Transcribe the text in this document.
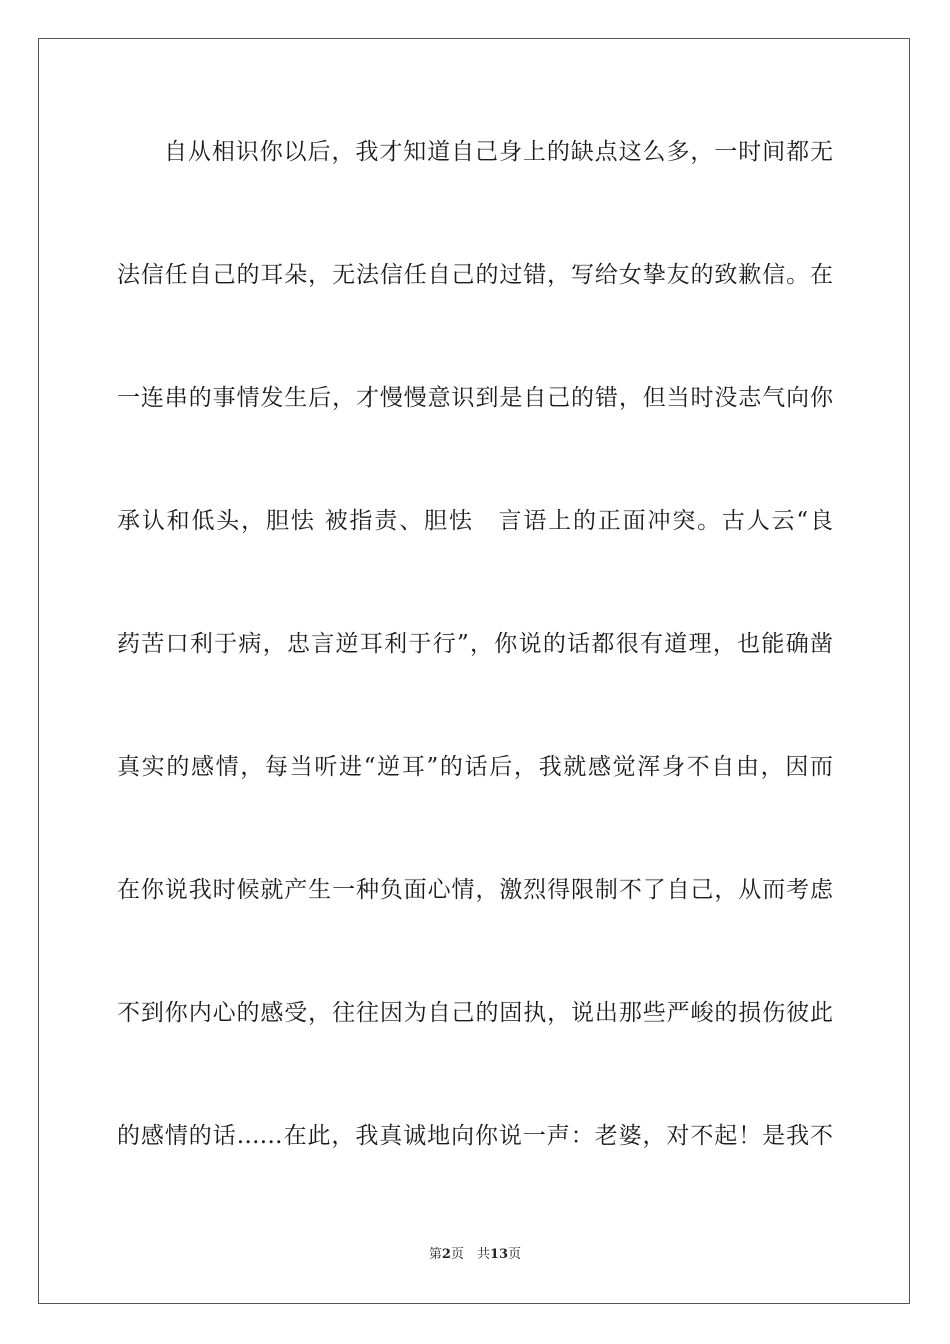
自从相识你以后，我才知道自己身上的缺点这么多，一时间都无
法信任自己的耳朵，无法信任自己的过错，写给女挚友的致歉信。在
一连串的事情发生后，才慢慢意识到是自己的错，但当时没志气向你
承认和低头，胆怯 被指责、胆怯　言语上的正面冲突。古人云“良
药苦口利于病，忠言逆耳利于行”，你说的话都很有道理，也能确凿
真实的感情，每当听进“逆耳”的话后，我就感觉浑身不自由，因而
在你说我时候就产生一种负面心情，激烈得限制不了自己，从而考虑
不到你内心的感受，往往因为自己的固执，说出那些严峻的损伤彼此
的感情的话……在此，我真诚地向你说一声：老婆，对不起！是我不
第2页  共13页
